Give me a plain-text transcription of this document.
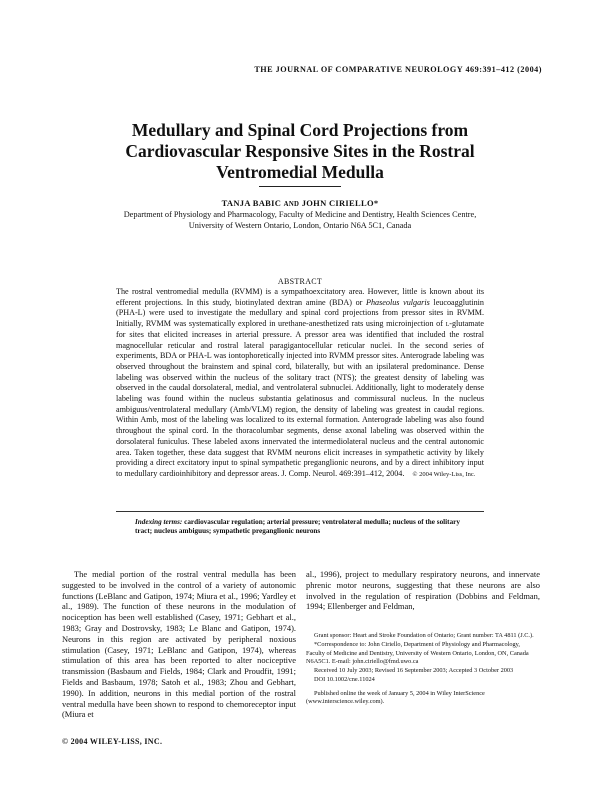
THE JOURNAL OF COMPARATIVE NEUROLOGY 469:391–412 (2004)
Medullary and Spinal Cord Projections from Cardiovascular Responsive Sites in the Rostral Ventromedial Medulla
TANJA BABIC AND JOHN CIRIELLO*
Department of Physiology and Pharmacology, Faculty of Medicine and Dentistry, Health Sciences Centre, University of Western Ontario, London, Ontario N6A 5C1, Canada
ABSTRACT
The rostral ventromedial medulla (RVMM) is a sympathoexcitatory area. However, little is known about its efferent projections. In this study, biotinylated dextran amine (BDA) or Phaseolus vulgaris leucoagglutinin (PHA-L) were used to investigate the medullary and spinal cord projections from pressor sites in RVMM. Initially, RVMM was systematically explored in urethane-anesthetized rats using microinjection of l-glutamate for sites that elicited increases in arterial pressure. A pressor area was identified that included the rostral magnocellular reticular and rostral lateral paragigantocellular reticular nuclei. In the second series of experiments, BDA or PHA-L was iontophoretically injected into RVMM pressor sites. Anterograde labeling was observed throughout the brainstem and spinal cord, bilaterally, but with an ipsilateral predominance. Dense labeling was observed within the nucleus of the solitary tract (NTS); the greatest density of labeling was observed in the caudal dorsolateral, medial, and ventrolateral subnuclei. Additionally, light to moderately dense labeling was found within the nucleus substantia gelatinosus and commissural nucleus. In the nucleus ambiguus/ventrolateral medullary (Amb/VLM) region, the density of labeling was greatest in caudal regions. Within Amb, most of the labeling was localized to its external formation. Anterograde labeling was also found throughout the spinal cord. In the thoracolumbar segments, dense axonal labeling was observed within the dorsolateral funiculus. These labeled axons innervated the intermediolateral nucleus and the central autonomic area. Taken together, these data suggest that RVMM neurons elicit increases in sympathetic activity by likely providing a direct excitatory input to spinal sympathetic preganglionic neurons, and by a direct inhibitory input to medullary cardioinhibitory and depressor areas. J. Comp. Neurol. 469:391–412, 2004. © 2004 Wiley-Liss, Inc.
Indexing terms: cardiovascular regulation; arterial pressure; ventrolateral medulla; nucleus of the solitary tract; nucleus ambiguus; sympathetic preganglionic neurons
The medial portion of the rostral ventral medulla has been suggested to be involved in the control of a variety of autonomic functions (LeBlanc and Gatipon, 1974; Miura et al., 1996; Yardley et al., 1989). The function of these neurons in the modulation of nociception has been well established (Casey, 1971; Gebhart et al., 1983; Gray and Dostrovsky, 1983; Le Blanc and Gatipon, 1974). Neurons in this region are activated by peripheral noxious stimulation (Casey, 1971; LeBlanc and Gatipon, 1974), whereas stimulation of this area has been reported to alter nociceptive transmission (Basbaum and Fields, 1984; Clark and Proudfit, 1991; Fields and Basbaum, 1978; Satoh et al., 1983; Zhou and Gebhart, 1990). In addition, neurons in this medial portion of the rostral ventral medulla have been shown to respond to chemoreceptor input (Miura et
al., 1996), project to medullary respiratory neurons, and innervate phrenic motor neurons, suggesting that these neurons are also involved in the regulation of respiration (Dobbins and Feldman, 1994; Ellenberger and Feldman,

Grant sponsor: Heart and Stroke Foundation of Ontario; Grant number: TA 4811 (J.C.).

*Correspondence to: John Ciriello, Department of Physiology and Pharmacology, Faculty of Medicine and Dentistry, University of Western Ontario, London, ON, Canada N6A5C1. E-mail: john.ciriello@fmd.uwo.ca

Received 10 July 2003; Revised 16 September 2003; Accepted 3 October 2003

DOI 10.1002/cne.11024

Published online the week of January 5, 2004 in Wiley InterScience (www.interscience.wiley.com).

© 2004 WILEY-LISS, INC.
